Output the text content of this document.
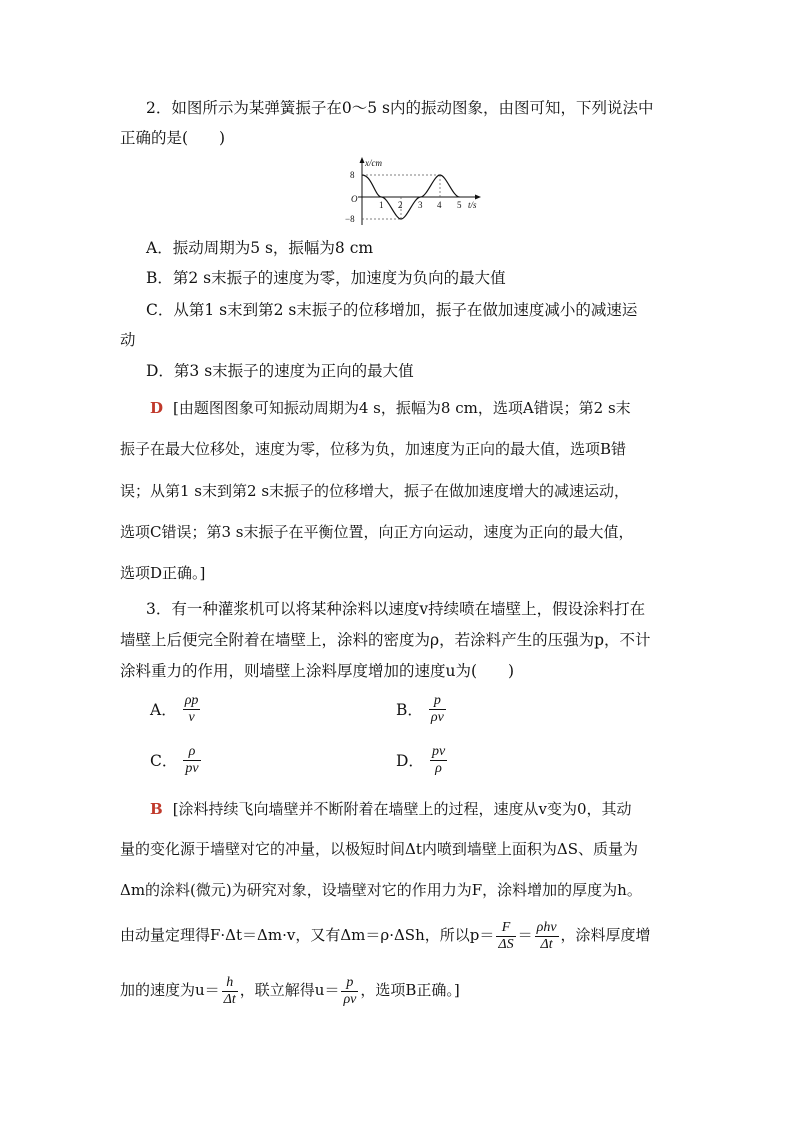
2．如图所示为某弹簧振子在0～5 s内的振动图象，由图可知，下列说法中
正确的是(　　)
x/cm
t/s
8
O
−8
1 2 3 4 5
A．振动周期为5 s，振幅为8 cm
B．第2 s末振子的速度为零，加速度为负向的最大值
C．从第1 s末到第2 s末振子的位移增加，振子在做加速度减小的减速运
动
D．第3 s末振子的速度为正向的最大值
D [由题图图象可知振动周期为4 s，振幅为8 cm，选项A错误；第2 s末
振子在最大位移处，速度为零，位移为负，加速度为正向的最大值，选项B错
误；从第1 s末到第2 s末振子的位移增大，振子在做加速度增大的减速运动，
选项C错误；第3 s末振子在平衡位置，向正方向运动，速度为正向的最大值，
选项D正确。]
3．有一种灌浆机可以将某种涂料以速度v持续喷在墙壁上，假设涂料打在
墙壁上后便完全附着在墙壁上，涂料的密度为ρ，若涂料产生的压强为p，不计
涂料重力的作用，则墙壁上涂料厚度增加的速度u为(　　)
A． $\frac{\rho p}{v}$	B． $\frac{p}{\rho v}$
C． $\frac{\rho}{pv}$	D． $\frac{pv}{\rho}$
B [涂料持续飞向墙壁并不断附着在墙壁上的过程，速度从v变为0，其动
量的变化源于墙壁对它的冲量，以极短时间Δt内喷到墙壁上面积为ΔS、质量为
Δm的涂料(微元)为研究对象，设墙壁对它的作用力为F，涂料增加的厚度为h。
由动量定理得F·Δt＝Δm·v，又有Δm＝ρ·ΔSh，所以$p= \frac{F}{\Delta S} = \frac{\text{ρhv}}{\Delta t}$ ，涂料厚度增
加的速度为$u= \frac{h}{\Delta t}$ ，联立解得$u= \frac{p}{\rho v}$ ，选项B正确。]
